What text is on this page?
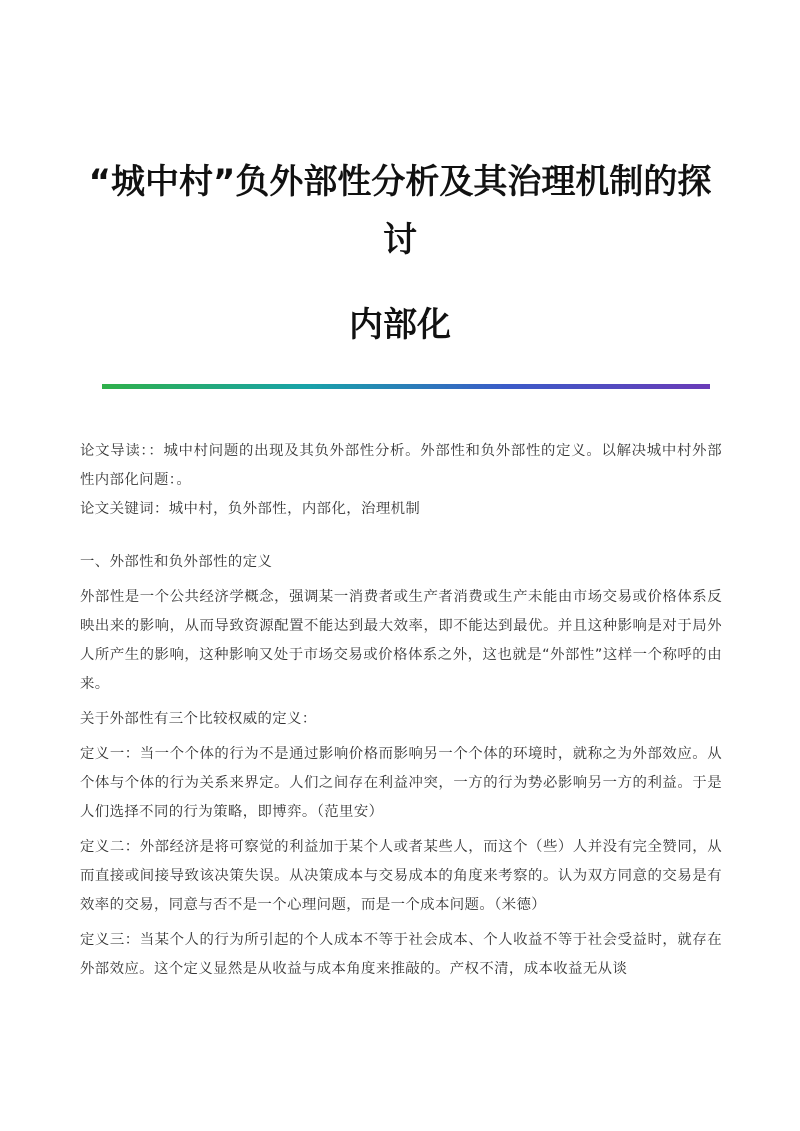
“城中村”负外部性分析及其治理机制的探讨
内部化

论文导读：：城中村问题的出现及其负外部性分析。外部性和负外部性的定义。以解决城中村外部性内部化问题：。

论文关键词：城中村，负外部性，内部化，治理机制

一、外部性和负外部性的定义

外部性是一个公共经济学概念，强调某一消费者或生产者消费或生产未能由市场交易或价格体系反映出来的影响，从而导致资源配置不能达到最大效率，即不能达到最优。并且这种影响是对于局外人所产生的影响，这种影响又处于市场交易或价格体系之外，这也就是“外部性”这样一个称呼的由来。

关于外部性有三个比较权威的定义：

定义一：当一个个体的行为不是通过影响价格而影响另一个个体的环境时，就称之为外部效应。从个体与个体的行为关系来界定。人们之间存在利益冲突，一方的行为势必影响另一方的利益。于是人们选择不同的行为策略，即博弈。（范里安）

定义二：外部经济是将可察觉的利益加于某个人或者某些人，而这个（些）人并没有完全赞同，从而直接或间接导致该决策失误。从决策成本与交易成本的角度来考察的。认为双方同意的交易是有效率的交易，同意与否不是一个心理问题，而是一个成本问题。（米德）

定义三：当某个人的行为所引起的个人成本不等于社会成本、个人收益不等于社会受益时，就存在外部效应。这个定义显然是从收益与成本角度来推敲的。产权不清，成本收益无从谈
